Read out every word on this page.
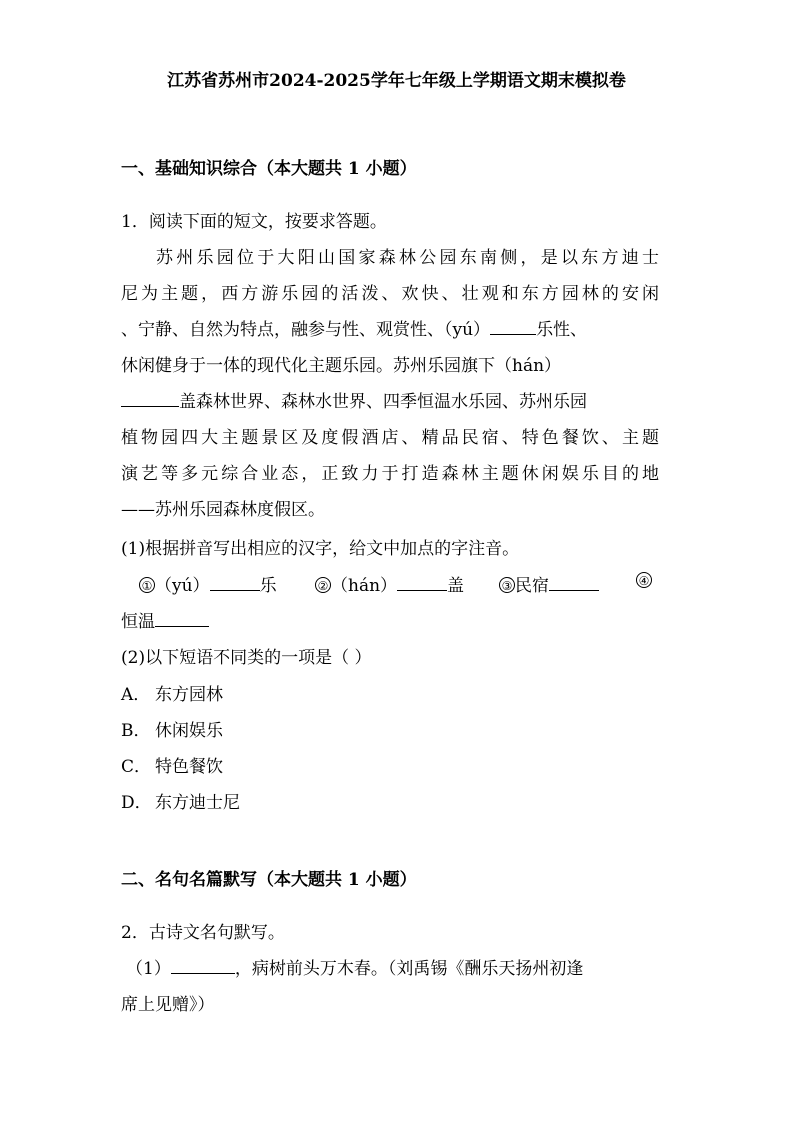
江苏省苏州市2024-2025学年七年级上学期语文期末模拟卷
一、基础知识综合（本大题共 1 小题）
1．阅读下面的短文，按要求答题。
苏州乐园位于大阳山国家森林公园东南侧，是以东方迪士
尼为主题，西方游乐园的活泼、欢快、壮观和东方园林的安闲
、宁静、自然为特点，融参与性、观赏性、（yú）	乐性、
休闲健身于一体的现代化主题乐园。苏州乐园旗下（hán）
盖森林世界、森林水世界、四季恒温水乐园、苏州乐园
植物园四大主题景区及度假酒店、精品民宿、特色餐饮、主题
演艺等多元综合业态，正致力于打造森林主题休闲娱乐目的地
——苏州乐园森林度假区。
(1)根据拼音写出相应的汉字，给文中加点的字注音。
① （yú）	乐	② （hán）	盖	③ 民宿	④
恒温
(2)以下短语不同类的一项是（ ）
A． 东方园林
B． 休闲娱乐
C． 特色餐饮
D． 东方迪士尼
二、名句名篇默写（本大题共 1 小题）
2．古诗文名句默写。
（1）	，病树前头万木春。（刘禹锡《酬乐天扬州初逢
席上见赠》）
